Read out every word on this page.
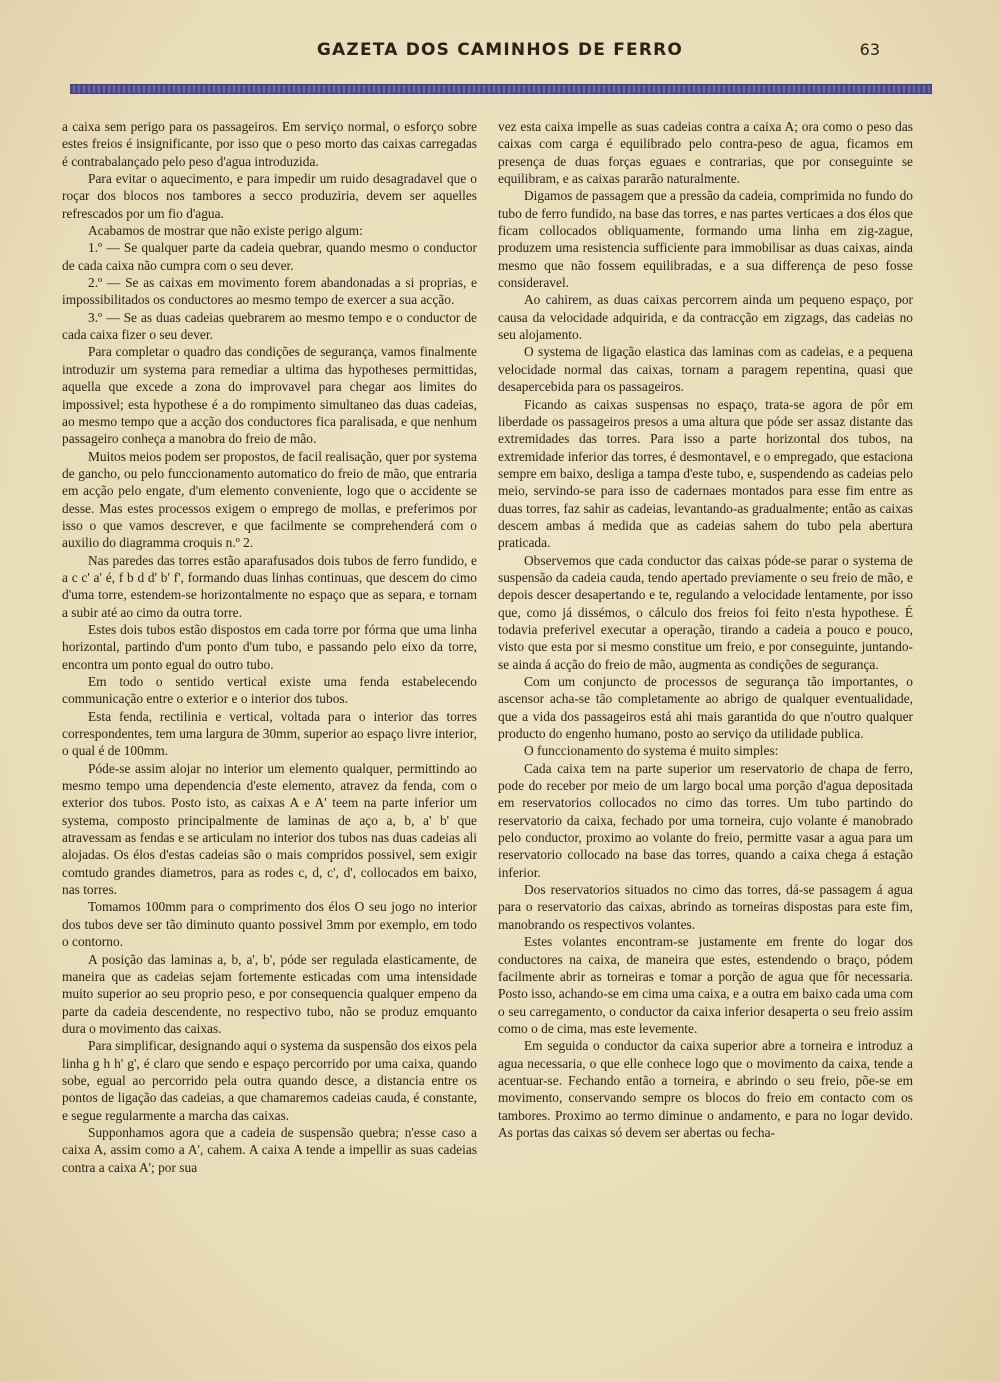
GAZETA DOS CAMINHOS DE FERRO	63

a caixa sem perigo para os passageiros. Em serviço normal, o esforço sobre estes freios é insignificante, por isso que o peso morto das caixas carregadas é contrabalançado pelo peso d'agua introduzida.

Para evitar o aquecimento, e para impedir um ruido desagradavel que o roçar dos blocos nos tambores a secco produziria, devem ser aquelles refrescados por um fio d'agua.

Acabamos de mostrar que não existe perigo algum:

1.º — Se qualquer parte da cadeia quebrar, quando mesmo o conductor de cada caixa não cumpra com o seu dever.

2.º — Se as caixas em movimento forem abandonadas a si proprias, e impossibilitados os conductores ao mesmo tempo de exercer a sua acção.

3.º — Se as duas cadeias quebrarem ao mesmo tempo e o conductor de cada caixa fizer o seu dever.

Para completar o quadro das condições de segurança, vamos finalmente introduzir um systema para remediar a ultima das hypotheses permittidas, aquella que excede a zona do improvavel para chegar aos limites do impossivel; esta hypothese é a do rompimento simultaneo das duas cadeias, ao mesmo tempo que a acção dos conductores fica paralisada, e que nenhum passageiro conheça a manobra do freio de mão.

Muitos meios podem ser propostos, de facil realisação, quer por systema de gancho, ou pelo funccionamento automatico do freio de mão, que entraria em acção pelo engate, d'um elemento conveniente, logo que o accidente se desse. Mas estes processos exigem o emprego de mollas, e preferimos por isso o que vamos descrever, e que facilmente se comprehenderá com o auxilio do diagramma croquis n.º 2.

Nas paredes das torres estão aparafusados dois tubos de ferro fundido, e a c c' a' é, f b d d' b' f', formando duas linhas continuas, que descem do cimo d'uma torre, estendem-se horizontalmente no espaço que as separa, e tornam a subir até ao cimo da outra torre.

Estes dois tubos estão dispostos em cada torre por fórma que uma linha horizontal, partindo d'um ponto d'um tubo, e passando pelo eixo da torre, encontra um ponto egual do outro tubo.

Em todo o sentido vertical existe uma fenda estabelecendo communicação entre o exterior e o interior dos tubos.

Esta fenda, rectilinia e vertical, voltada para o interior das torres correspondentes, tem uma largura de 30mm, superior ao espaço livre interior, o qual é de 100mm.

Póde-se assim alojar no interior um elemento qualquer, permittindo ao mesmo tempo uma dependencia d'este elemento, atravez da fenda, com o exterior dos tubos. Posto isto, as caixas A e A' teem na parte inferior um systema, composto principalmente de laminas de aço a, b, a' b' que atravessam as fendas e se articulam no interior dos tubos nas duas cadeias ali alojadas. Os élos d'estas cadeias são o mais compridos possivel, sem exigir comtudo grandes diametros, para as rodes c, d, c', d', collocados em baixo, nas torres.

Tomamos 100mm para o comprimento dos élos O seu jogo no interior dos tubos deve ser tão diminuto quanto possivel 3mm por exemplo, em todo o contorno.

A posição das laminas a, b, a', b', póde ser regulada elasticamente, de maneira que as cadeias sejam fortemente esticadas com uma intensidade muito superior ao seu proprio peso, e por consequencia qualquer empeno da parte da cadeia descendente, no respectivo tubo, não se produz emquanto dura o movimento das caixas.

Para simplificar, designando aqui o systema da suspensão dos eixos pela linha g h h' g', é claro que sendo e espaço percorrido por uma caixa, quando sobe, egual ao percorrido pela outra quando desce, a distancia entre os pontos de ligação das cadeias, a que chamaremos cadeias cauda, é constante, e segue regularmente a marcha das caixas.

Supponhamos agora que a cadeia de suspensão quebra; n'esse caso a caixa A, assim como a A', cahem. A caixa A tende a impellir as suas cadeias contra a caixa A'; por sua

vez esta caixa impelle as suas cadeias contra a caixa A; ora como o peso das caixas com carga é equilibrado pelo contra-peso de agua, ficamos em presença de duas forças eguaes e contrarias, que por conseguinte se equilibram, e as caixas pararão naturalmente.

Digamos de passagem que a pressão da cadeia, comprimida no fundo do tubo de ferro fundido, na base das torres, e nas partes verticaes a dos élos que ficam collocados obliquamente, formando uma linha em zig-zague, produzem uma resistencia sufficiente para immobilisar as duas caixas, ainda mesmo que não fossem equilibradas, e a sua differença de peso fosse consideravel.

Ao cahirem, as duas caixas percorrem ainda um pequeno espaço, por causa da velocidade adquirida, e da contracção em zigzags, das cadeias no seu alojamento.

O systema de ligação elastica das laminas com as cadeias, e a pequena velocidade normal das caixas, tornam a paragem repentina, quasi que desapercebida para os passageiros.

Ficando as caixas suspensas no espaço, trata-se agora de pôr em liberdade os passageiros presos a uma altura que póde ser assaz distante das extremidades das torres. Para isso a parte horizontal dos tubos, na extremidade inferior das torres, é desmontavel, e o empregado, que estaciona sempre em baixo, desliga a tampa d'este tubo, e, suspendendo as cadeias pelo meio, servindo-se para isso de cadernaes montados para esse fim entre as duas torres, faz sahir as cadeias, levantando-as gradualmente; então as caixas descem ambas á medida que as cadeias sahem do tubo pela abertura praticada.

Observemos que cada conductor das caixas póde-se parar o systema de suspensão da cadeia cauda, tendo apertado previamente o seu freio de mão, e depois descer desapertando e te, regulando a velocidade lentamente, por isso que, como já dissémos, o cálculo dos freios foi feito n'esta hypothese. É todavia preferivel executar a operação, tirando a cadeia a pouco e pouco, visto que esta por si mesmo constitue um freio, e por conseguinte, juntando-se ainda á acção do freio de mão, augmenta as condições de segurança.

Com um conjuncto de processos de segurança tão importantes, o ascensor acha-se tão completamente ao abrigo de qualquer eventualidade, que a vida dos passageiros está ahi mais garantida do que n'outro qualquer producto do engenho humano, posto ao serviço da utilidade publica.

O funccionamento do systema é muito simples:

Cada caixa tem na parte superior um reservatorio de chapa de ferro, pode do receber por meio de um largo bocal uma porção d'agua depositada em reservatorios collocados no cimo das torres. Um tubo partindo do reservatorio da caixa, fechado por uma torneira, cujo volante é manobrado pelo conductor, proximo ao volante do freio, permitte vasar a agua para um reservatorio collocado na base das torres, quando a caixa chega á estação inferior.

Dos reservatorios situados no cimo das torres, dá-se passagem á agua para o reservatorio das caixas, abrindo as torneiras dispostas para este fim, manobrando os respectivos volantes.

Estes volantes encontram-se justamente em frente do logar dos conductores na caixa, de maneira que estes, estendendo o braço, pódem facilmente abrir as torneiras e tomar a porção de agua que fôr necessaria. Posto isso, achando-se em cima uma caixa, e a outra em baixo cada uma com o seu carregamento, o conductor da caixa inferior desaperta o seu freio assim como o de cima, mas este levemente.

Em seguida o conductor da caixa superior abre a torneira e introduz a agua necessaria, o que elle conhece logo que o movimento da caixa, tende a acentuar-se. Fechando então a torneira, e abrindo o seu freio, põe-se em movimento, conservando sempre os blocos do freio em contacto com os tambores. Proximo ao termo diminue o andamento, e para no logar devido. As portas das caixas só devem ser abertas ou fecha-
